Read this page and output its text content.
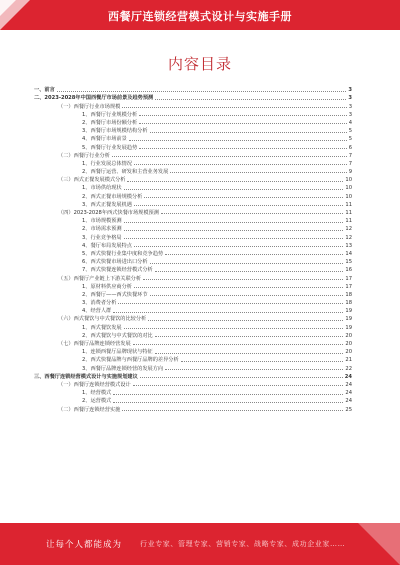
西餐厅连锁经营模式设计与实施手册
内容目录
一、前言	3
二、2023-2028年中国西餐厅市场前景及趋势预测	3
（一）西餐厅行业市场规模	3
1、西餐厅行业规模分析	3
2、西餐厅市场份额分析	4
3、西餐厅市场规模结构分析	5
4、西餐厅市场前景	5
5、西餐厅行业发展趋势	6
（二）西餐厅行业分析	7
1、行业发展总体情况	7
2、西餐厅运营、研发和主营业务发展	9
（三）西式正餐发展模式分析	10
1、市场供给现状	10
2、西式正餐市场规模分析	10
3、西式正餐发展机遇	11
（四）2023-2028年西式快餐市场规模预测	11
1、市场规模预测	11
2、市场需求预测	12
3、行业竞争格局	12
4、餐厅布局发展特点	13
5、西式快餐行业集中度和竞争趋势	14
6、西式快餐市场进出口分析	15
7、西式快餐连锁经营模式分析	16
（五）西餐厅产业链上下游关联分析	17
1、原材料供应商分析	17
2、西餐厅——西式快餐环节	18
3、消费者分析	18
4、经营人群	19
（六）西式餐饮与中式餐饮的比较分析	19
1、西式餐饮发展	19
2、西式餐饮与中式餐饮的对比	20
（七）西餐厅品牌连锁经营发展	20
1、连锁西餐厅品牌现状与特征	20
2、西式快餐品牌与西餐厅品牌的差异分析	21
3、西餐厅品牌连锁经营的发展方向	22
三、西餐厅连锁经营模式设计与实施规划建议	24
（一）西餐厅连锁经营模式设计	24
1、经营模式	24
2、运营模式	24
（二）西餐厅连锁经营实施	25
让每个人都能成为	行业专家、管理专家、营销专家、战略专家、成功企业家……
